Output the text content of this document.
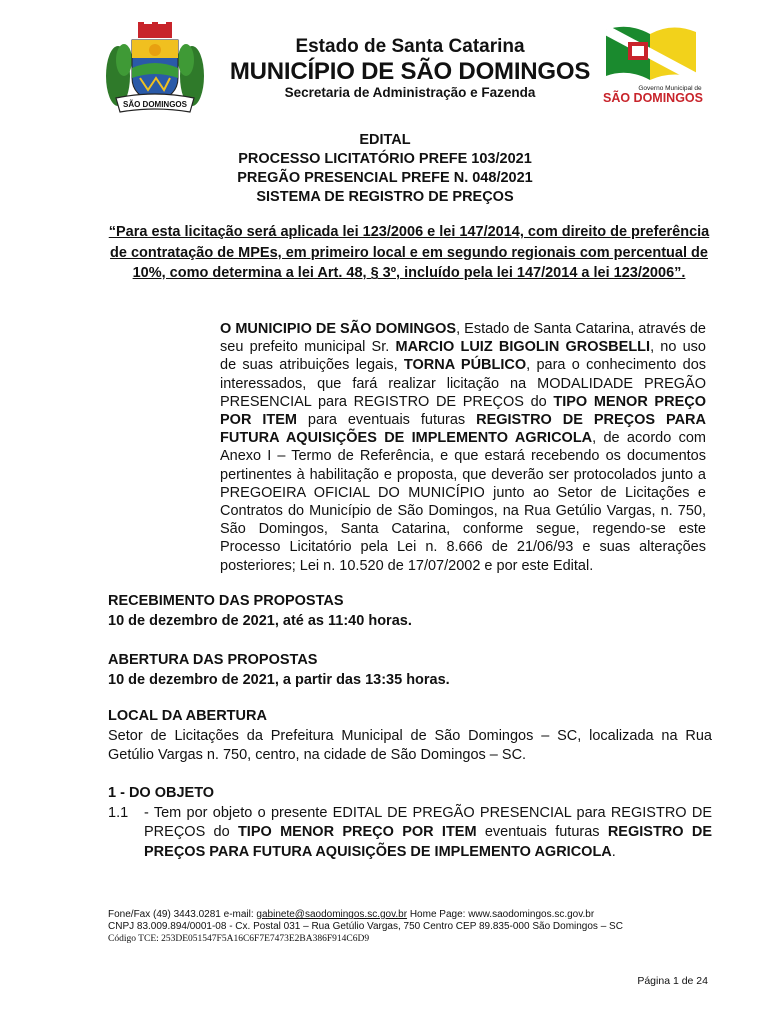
SÃO DOMINGOS
Governo Municipal de
SÃO DOMINGOS
Estado de Santa Catarina
MUNICÍPIO DE SÃO DOMINGOS
Secretaria de Administração e Fazenda
EDITAL
PROCESSO LICITATÓRIO PREFE 103/2021
PREGÃO PRESENCIAL PREFE N. 048/2021
SISTEMA DE REGISTRO DE PREÇOS
“Para esta licitação será aplicada lei 123/2006 e lei 147/2014, com direito de preferência de contratação de MPEs, em primeiro local e em segundo regionais com percentual de 10%, como determina a lei Art. 48, § 3º, incluído pela lei 147/2014 a lei 123/2006”.
O MUNICIPIO DE SÃO DOMINGOS, Estado de Santa Catarina, através de seu prefeito municipal Sr. MARCIO LUIZ BIGOLIN GROSBELLI, no uso de suas atribuições legais, TORNA PÚBLICO, para o conhecimento dos interessados, que fará realizar licitação na MODALIDADE PREGÃO PRESENCIAL para REGISTRO DE PREÇOS do TIPO MENOR PREÇO POR ITEM para eventuais futuras REGISTRO DE PREÇOS PARA FUTURA AQUISIÇÕES DE IMPLEMENTO AGRICOLA, de acordo com Anexo I – Termo de Referência, e que estará recebendo os documentos pertinentes à habilitação e proposta, que deverão ser protocolados junto a PREGOEIRA OFICIAL DO MUNICÍPIO junto ao Setor de Licitações e Contratos do Município de São Domingos, na Rua Getúlio Vargas, n. 750, São Domingos, Santa Catarina, conforme segue, regendo-se este Processo Licitatório pela Lei n. 8.666 de 21/06/93 e suas alterações posteriores; Lei n. 10.520 de 17/07/2002 e por este Edital.
RECEBIMENTO DAS PROPOSTAS
10 de dezembro de 2021, até as 11:40 horas.
ABERTURA DAS PROPOSTAS
10 de dezembro de 2021, a partir das 13:35 horas.
LOCAL DA ABERTURA
Setor de Licitações da Prefeitura Municipal de São Domingos – SC, localizada na Rua Getúlio Vargas n. 750, centro, na cidade de São Domingos – SC.
1 - DO OBJETO
1.1 - Tem por objeto o presente EDITAL DE PREGÃO PRESENCIAL para REGISTRO DE PREÇOS do TIPO MENOR PREÇO POR ITEM eventuais futuras REGISTRO DE PREÇOS PARA FUTURA AQUISIÇÕES DE IMPLEMENTO AGRICOLA.
Fone/Fax (49) 3443.0281 e-mail: gabinete@saodomingos.sc.gov.br Home Page: www.saodomingos.sc.gov.br
CNPJ 83.009.894/0001-08 - Cx. Postal 031 – Rua Getúlio Vargas, 750 Centro CEP 89.835-000 São Domingos – SC
Código TCE: 253DE051547F5A16C6F7E7473E2BA386F914C6D9
Página 1 de 24
